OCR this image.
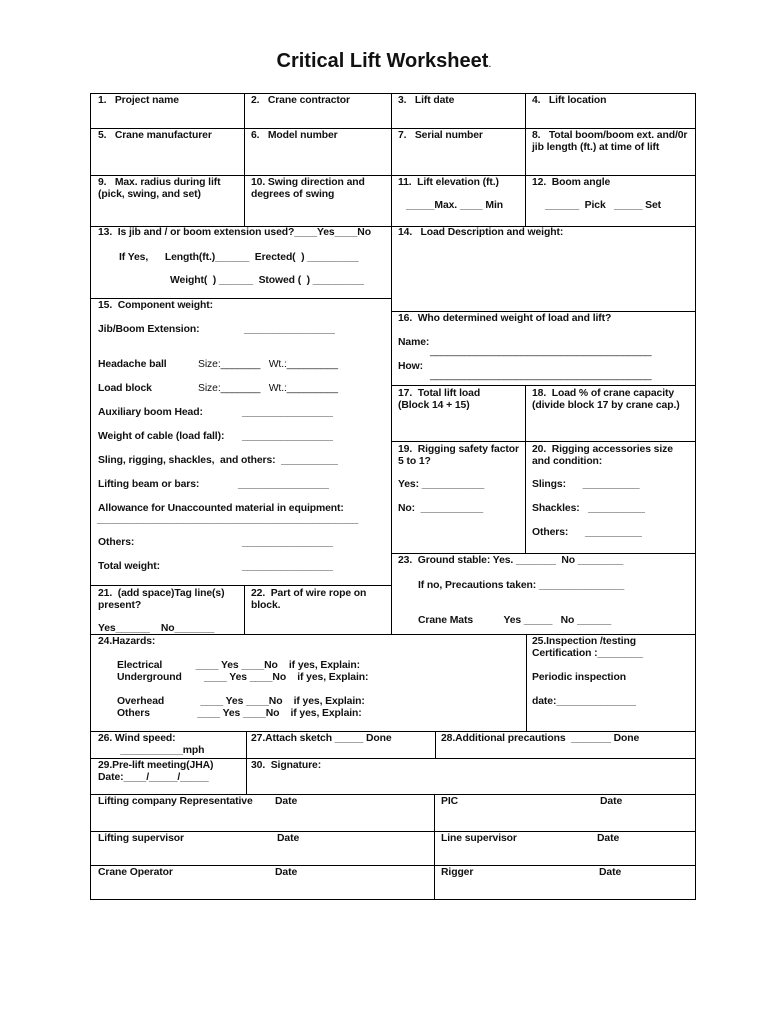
Critical Lift Worksheet.
1.   Project name	2.   Crane contractor	3.   Lift date	4.   Lift location
5.   Crane manufacturer	6.   Model number	7.   Serial number	8.   Total boom/boom ext. and/0r
jib length (ft.) at time of lift
9.   Max. radius during lift
(pick, swing, and set)
10. Swing direction and
degrees of swing
11.  Lift elevation (ft.)
_____Max. ____ Min
12.  Boom angle
______  Pick   _____ Set
13.  Is jib and / or boom extension used?____Yes____No
If Yes,      Length(ft.)______  Erected(  ) _________
Weight(  ) ______  Stowed (  ) _________
14.   Load Description and weight:
15.  Component weight:
Jib/Boom Extension:	________________
Headache ball	Size:_______   Wt.:_________
Load block	Size:_______   Wt.:_________
Auxiliary boom Head:	________________
Weight of cable (load fall): ________________
Sling, rigging, shackles,  and others:  __________
Lifting beam or bars:	________________
Allowance for Unaccounted material in equipment:
______________________________________________
Others:	________________
Total weight:	________________
16.  Who determined weight of load and lift?
Name:
_______________________________________
How:
_______________________________________
17.  Total lift load
(Block 14 + 15)
18.  Load % of crane capacity
(divide block 17 by crane cap.)
19.  Rigging safety factor
5 to 1?
Yes: ___________
No:  ___________
20.  Rigging accessories size
and condition:
Slings:      __________
Shackles:   __________
Others:      __________
23.  Ground stable: Yes. _______  No ________
If no, Precautions taken: _______________
Crane Mats           Yes _____   No ______
21.  (add space)Tag line(s)
present?
Yes______    No_______
22.  Part of wire rope on
block.
24.Hazards:
Electrical            ____ Yes ____No    if yes, Explain:
Underground        ____ Yes ____No    if yes, Explain:
Overhead             ____ Yes ____No    if yes, Explain:
Others                 ____ Yes ____No    if yes, Explain:
25.Inspection /testing
Certification :________
Periodic inspection
date:______________
26. Wind speed:
___________mph
27.Attach sketch _____ Done	28.Additional precautions  _______ Done
29.Pre-lift meeting(JHA)
Date:____/_____/_____
30.  Signature:
Lifting company Representative Date	PIC	Date
Lifting supervisor	Date	Line supervisor	Date
Crane Operator	Date	Rigger	Date
